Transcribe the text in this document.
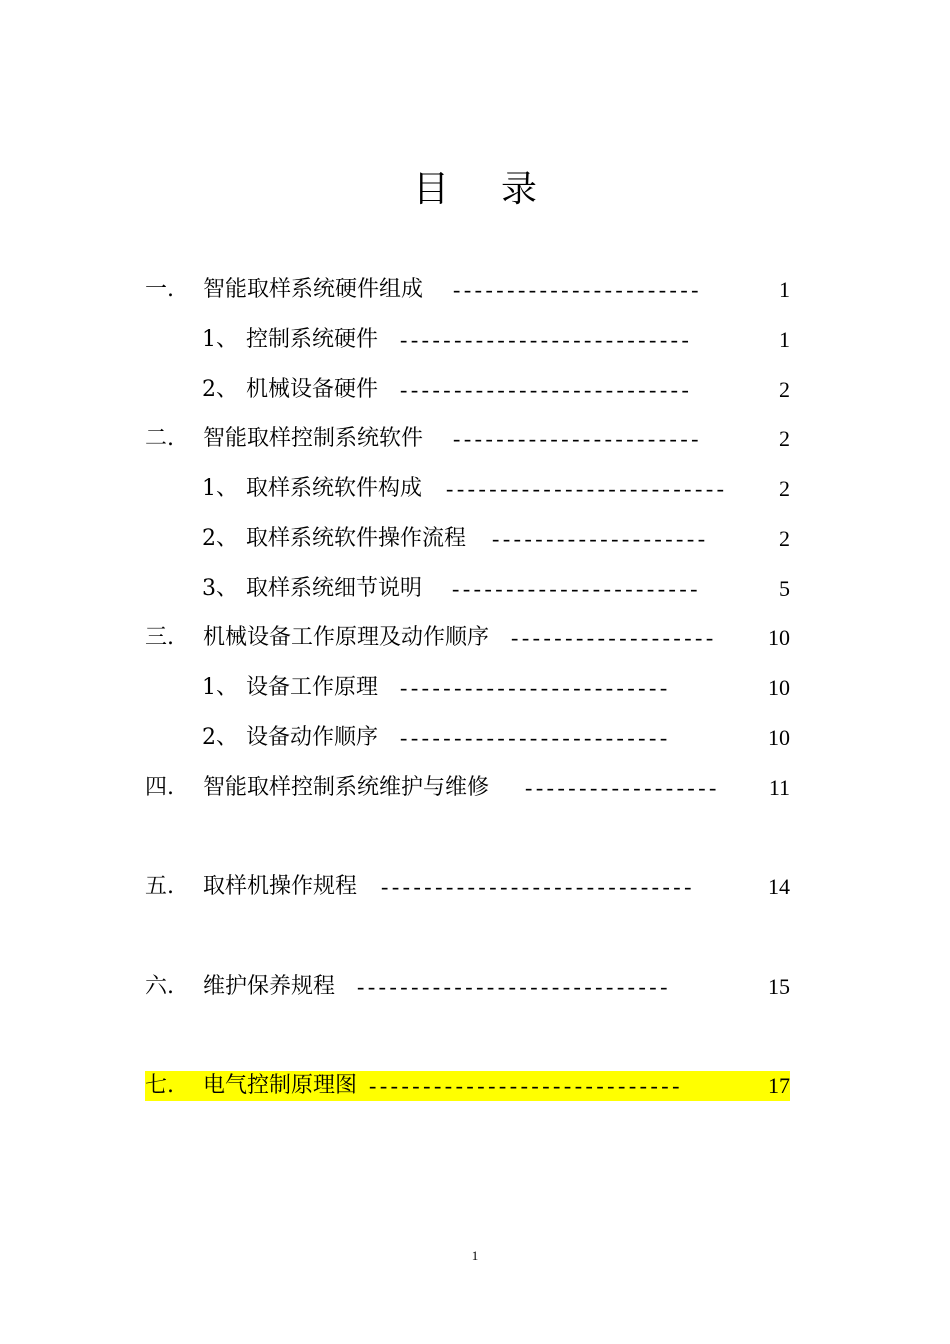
目 录
一. 智能取样系统硬件组成 -----------------------	1
1、 控制系统硬件 ---------------------------	1
2、 机械设备硬件 ---------------------------	2
二. 智能取样控制系统软件 -----------------------	2
1、 取样系统软件构成 --------------------------	2
2、 取样系统软件操作流程 --------------------	2
3、 取样系统细节说明 -----------------------	5
三. 机械设备工作原理及动作顺序 -------------------	10
1、 设备工作原理 -------------------------	10
2、 设备动作顺序 -------------------------	10
四. 智能取样控制系统维护与维修 ------------------	11
五. 取样机操作规程 -----------------------------	14
六. 维护保养规程 -----------------------------	15
七. 电气控制原理图 -----------------------------	17
1
